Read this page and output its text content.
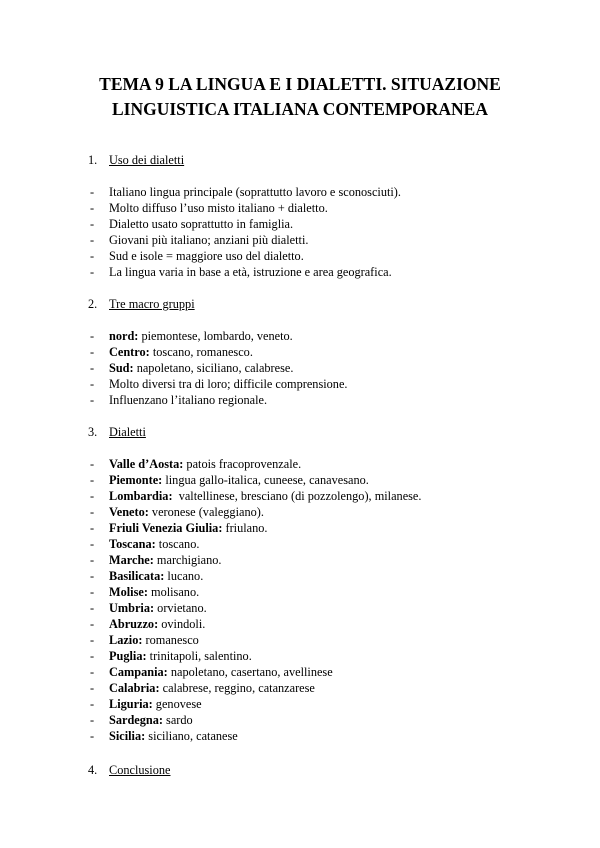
TEMA 9 LA LINGUA E I DIALETTI. SITUAZIONE
LINGUISTICA ITALIANA CONTEMPORANEA
1. Uso dei dialetti
- Italiano lingua principale (soprattutto lavoro e sconosciuti).
- Molto diffuso l’uso misto italiano + dialetto.
- Dialetto usato soprattutto in famiglia.
- Giovani più italiano; anziani più dialetti.
- Sud e isole = maggiore uso del dialetto.
- La lingua varia in base a età, istruzione e area geografica.
2. Tre macro gruppi
- nord: piemontese, lombardo, veneto.
- Centro: toscano, romanesco.
- Sud: napoletano, siciliano, calabrese.
- Molto diversi tra di loro; difficile comprensione.
- Influenzano l’italiano regionale.
3. Dialetti
- Valle d’Aosta: patois fracoprovenzale.
- Piemonte: lingua gallo-italica, cuneese, canavesano.
- Lombardia:  valtellinese, bresciano (di pozzolengo), milanese.
- Veneto: veronese (valeggiano).
- Friuli Venezia Giulia: friulano.
- Toscana: toscano.
- Marche: marchigiano.
- Basilicata: lucano.
- Molise: molisano.
- Umbria: orvietano.
- Abruzzo: ovindoli.
- Lazio: romanesco
- Puglia: trinitapoli, salentino.
- Campania: napoletano, casertano, avellinese
- Calabria: calabrese, reggino, catanzarese
- Liguria: genovese
- Sardegna: sardo
- Sicilia: siciliano, catanese
4. Conclusione
